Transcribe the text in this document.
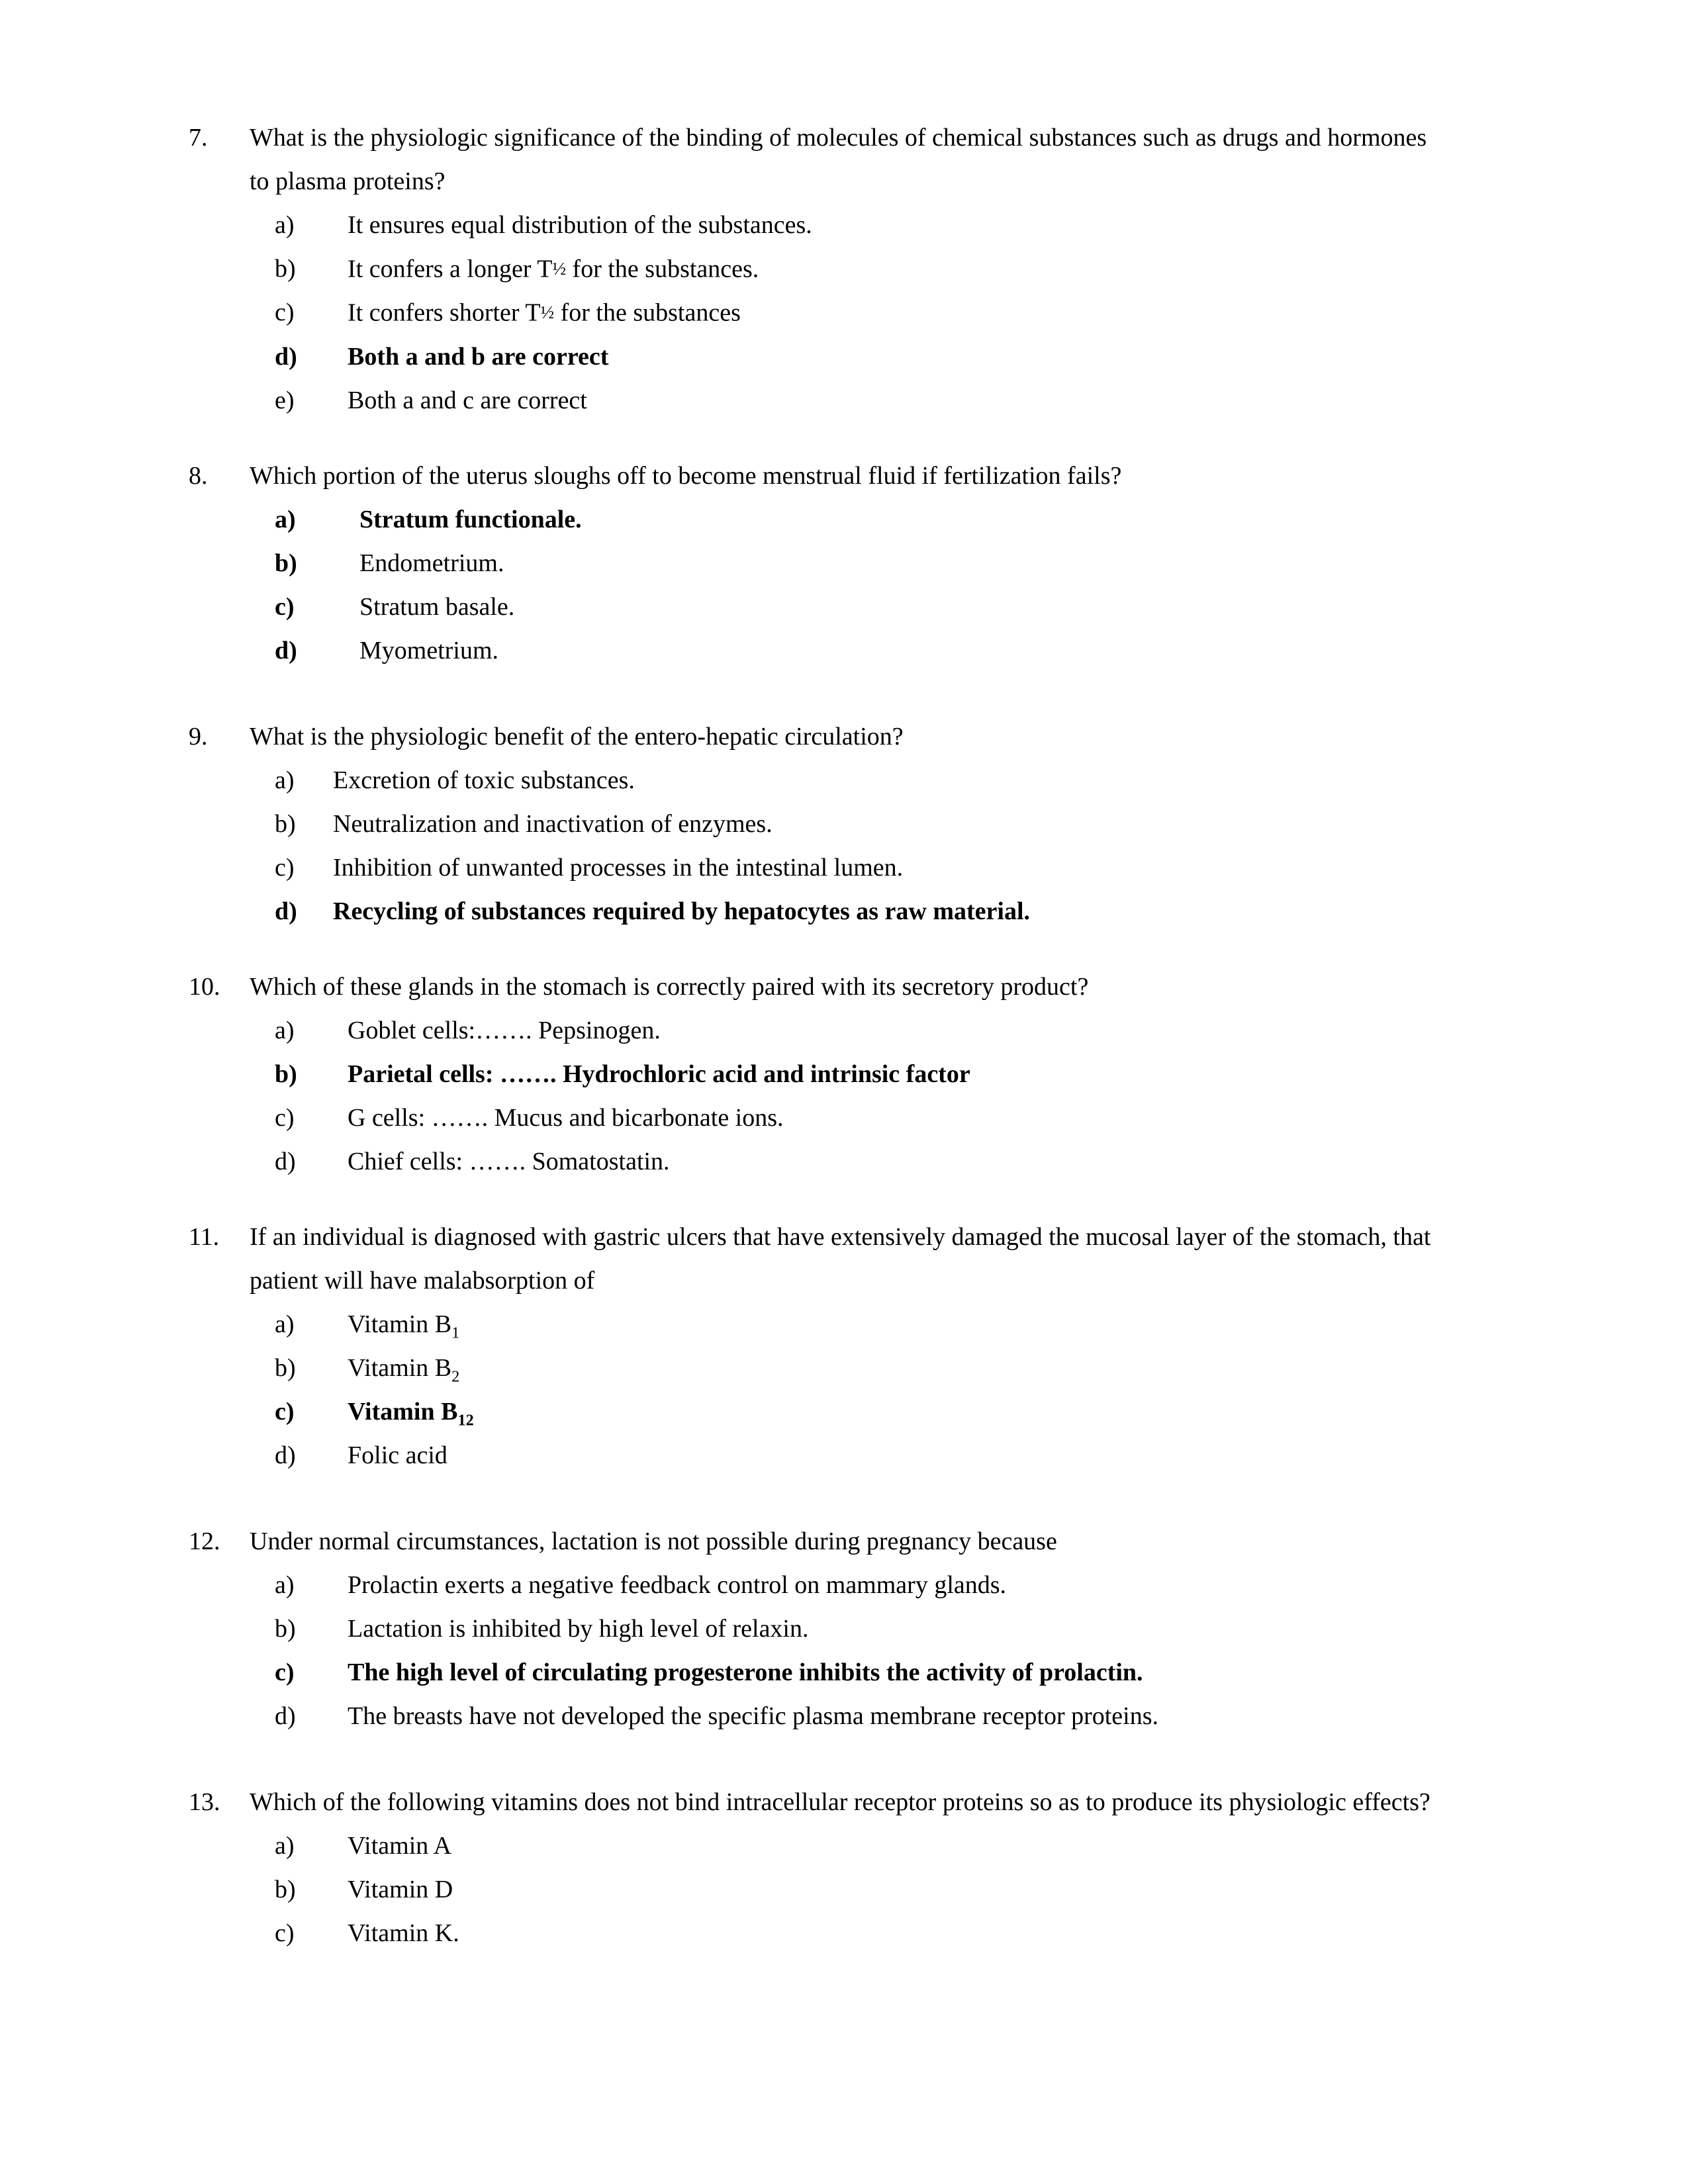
7.	What is the physiologic significance of the binding of molecules of chemical substances such as drugs and hormones to plasma proteins?
a)	It ensures equal distribution of the substances.
b)	It confers a longer T½ for the substances.
c)	It confers shorter T½ for the substances
d)	Both a and b are correct
e)	Both a and c are correct
8.	Which portion of the uterus sloughs off to become menstrual fluid if fertilization fails?
a)	Stratum functionale.
b)	Endometrium.
c)	Stratum basale.
d)	Myometrium.
9.	What is the physiologic benefit of the entero-hepatic circulation?
a)	Excretion of toxic substances.
b)	Neutralization and inactivation of enzymes.
c)	Inhibition of unwanted processes in the intestinal lumen.
d)	Recycling of substances required by hepatocytes as raw material.
10.	Which of these glands in the stomach is correctly paired with its secretory product?
a)	Goblet cells:……. Pepsinogen.
b)	Parietal cells: ……. Hydrochloric acid and intrinsic factor
c)	G cells: ……. Mucus and bicarbonate ions.
d)	Chief cells: ……. Somatostatin.
11.	If an individual is diagnosed with gastric ulcers that have extensively damaged the mucosal layer of the stomach, that patient will have malabsorption of
a)	Vitamin $B_1$
b)	Vitamin $B_2$
c)	Vitamin $B_{12}$
d)	Folic acid
12.	Under normal circumstances, lactation is not possible during pregnancy because
a)	Prolactin exerts a negative feedback control on mammary glands.
b)	Lactation is inhibited by high level of relaxin.
c)	The high level of circulating progesterone inhibits the activity of prolactin.
d)	The breasts have not developed the specific plasma membrane receptor proteins.
13.	Which of the following vitamins does not bind intracellular receptor proteins so as to produce its physiologic effects?
a)	Vitamin A
b)	Vitamin D
c)	Vitamin K.
